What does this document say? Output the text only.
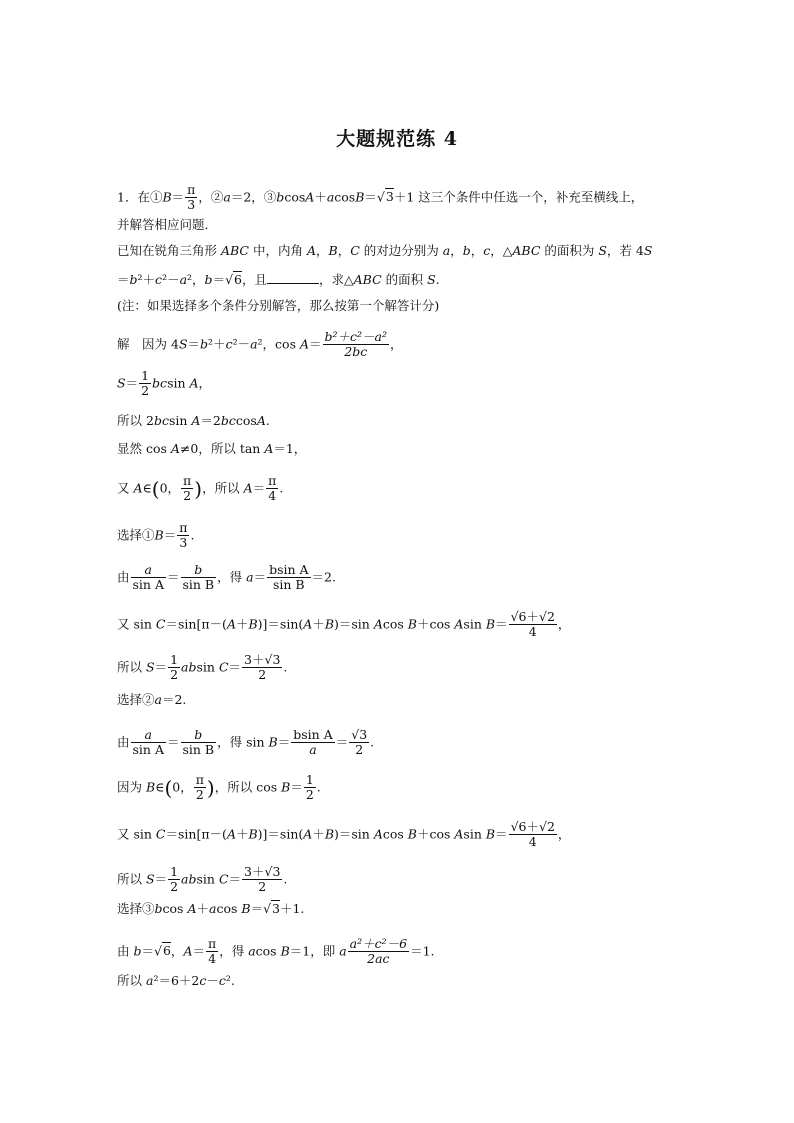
大题规范练 4
1．在①B＝ $\frac{\pi}{3}$ ，②a＝2，③bcosA＋acosB＝√3＋1 这三个条件中任选一个，补充至横线上，
并解答相应问题．
已知在锐角三角形 ABC 中，内角 A，B，C 的对边分别为 a，b，c，△ABC 的面积为 S，若 4S
＝b²＋c²－a²，b＝√6，且	，求△ABC 的面积 S.
(注：如果选择多个条件分别解答，那么按第一个解答计分)
解　因为 4S＝b²＋c²－a²，$\cos A= \frac{\text{b²＋c²－a²}}{2bc}$ ，
$S= \frac{1}{2}$ bcsin A，
所以 2bcsin A＝2bccosA.
显然 cos A≠0，所以 tan A＝1，
又 A∈(0， $\frac{\pi}{2}$ )，所以 $A= \frac{\pi}{4}$ .
选择①B＝ $\frac{\pi}{3}$ .
由 $\frac{a}{\text{sin A}} = \frac{b}{\text{sin B}}$ ，得 $a= \frac{\text{bsin A}}{\text{sin B}} =2$.
又 sin C＝sin[π－(A＋B)]＝sin(A＋B)＝sin Acos B＋cos Asin $B= \frac{√6+√2}{4}$ ，
所以 $S= \frac{1}{2}$ absin $C= \frac{3+√3}{2}$ .
选择②a＝2.
由 $\frac{a}{\text{sin A}} = \frac{b}{\text{sin B}}$ ，得 $\sin B= \frac{\text{bsin A}}{a} = \frac{√3}{2}$ .
因为 B∈(0， $\frac{\pi}{2}$ )，所以 $\cos B= \frac{1}{2}$ .
又 sin C＝sin[π－(A＋B)]＝sin(A＋B)＝sin Acos B＋cos Asin $B= \frac{√6+√2}{4}$ ，
所以 $S= \frac{1}{2}$ absin $C= \frac{3+√3}{2}$ .
选择③bcos A＋acos B＝√3＋1.
由 b＝√6，$A= \frac{\pi}{4}$ ，得 acos B＝1，即 a $\frac{\text{a²＋c²－6}}{2ac} =1$.
所以 a²＝6＋2c－c².
